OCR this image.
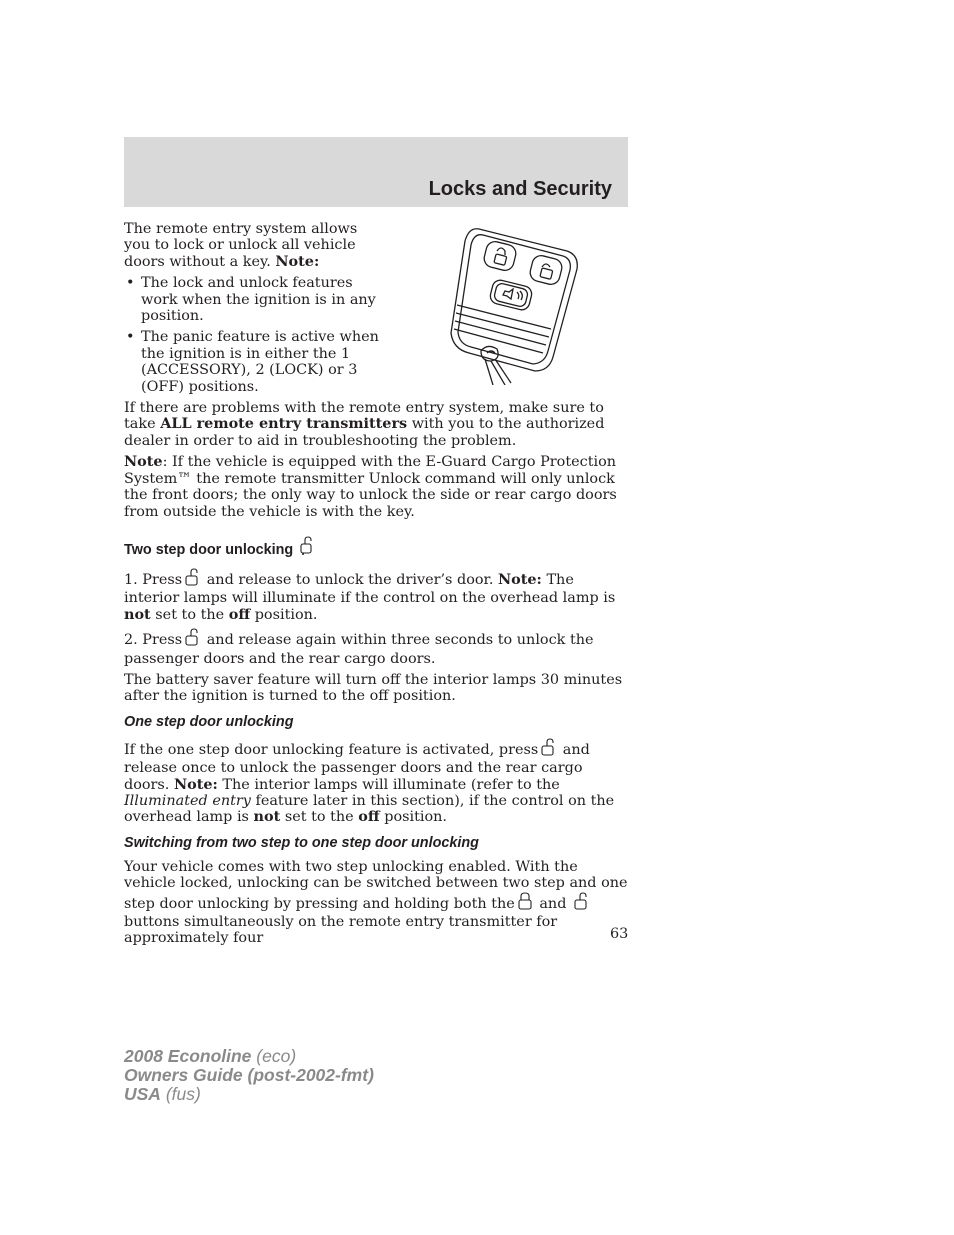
Locks and Security

The remote entry system allows you to lock or unlock all vehicle doors without a key. Note:

• The lock and unlock features work when the ignition is in any position.
• The panic feature is active when the ignition is in either the 1 (ACCESSORY), 2 (LOCK) or 3 (OFF) positions.

If there are problems with the remote entry system, make sure to take ALL remote entry transmitters with you to the authorized dealer in order to aid in troubleshooting the problem.

Note: If the vehicle is equipped with the E-Guard Cargo Protection System™ the remote transmitter Unlock command will only unlock the front doors; the only way to unlock the side or rear cargo doors from outside the vehicle is with the key.

Two step door unlocking

1. Press and release to unlock the driver’s door. Note: The interior lamps will illuminate if the control on the overhead lamp is not set to the off position.

2. Press and release again within three seconds to unlock the passenger doors and the rear cargo doors.

The battery saver feature will turn off the interior lamps 30 minutes after the ignition is turned to the off position.

One step door unlocking

If the one step door unlocking feature is activated, press and release once to unlock the passenger doors and the rear cargo doors. Note: The interior lamps will illuminate (refer to the Illuminated entry feature later in this section), if the control on the overhead lamp is not set to the off position.

Switching from two step to one step door unlocking

Your vehicle comes with two step unlocking enabled. With the vehicle locked, unlocking can be switched between two step and one step door unlocking by pressing and holding both the and  buttons simultaneously on the remote entry transmitter for approximately four	63
2008 Econoline (eco)
Owners Guide (post-2002-fmt)
USA (fus)
